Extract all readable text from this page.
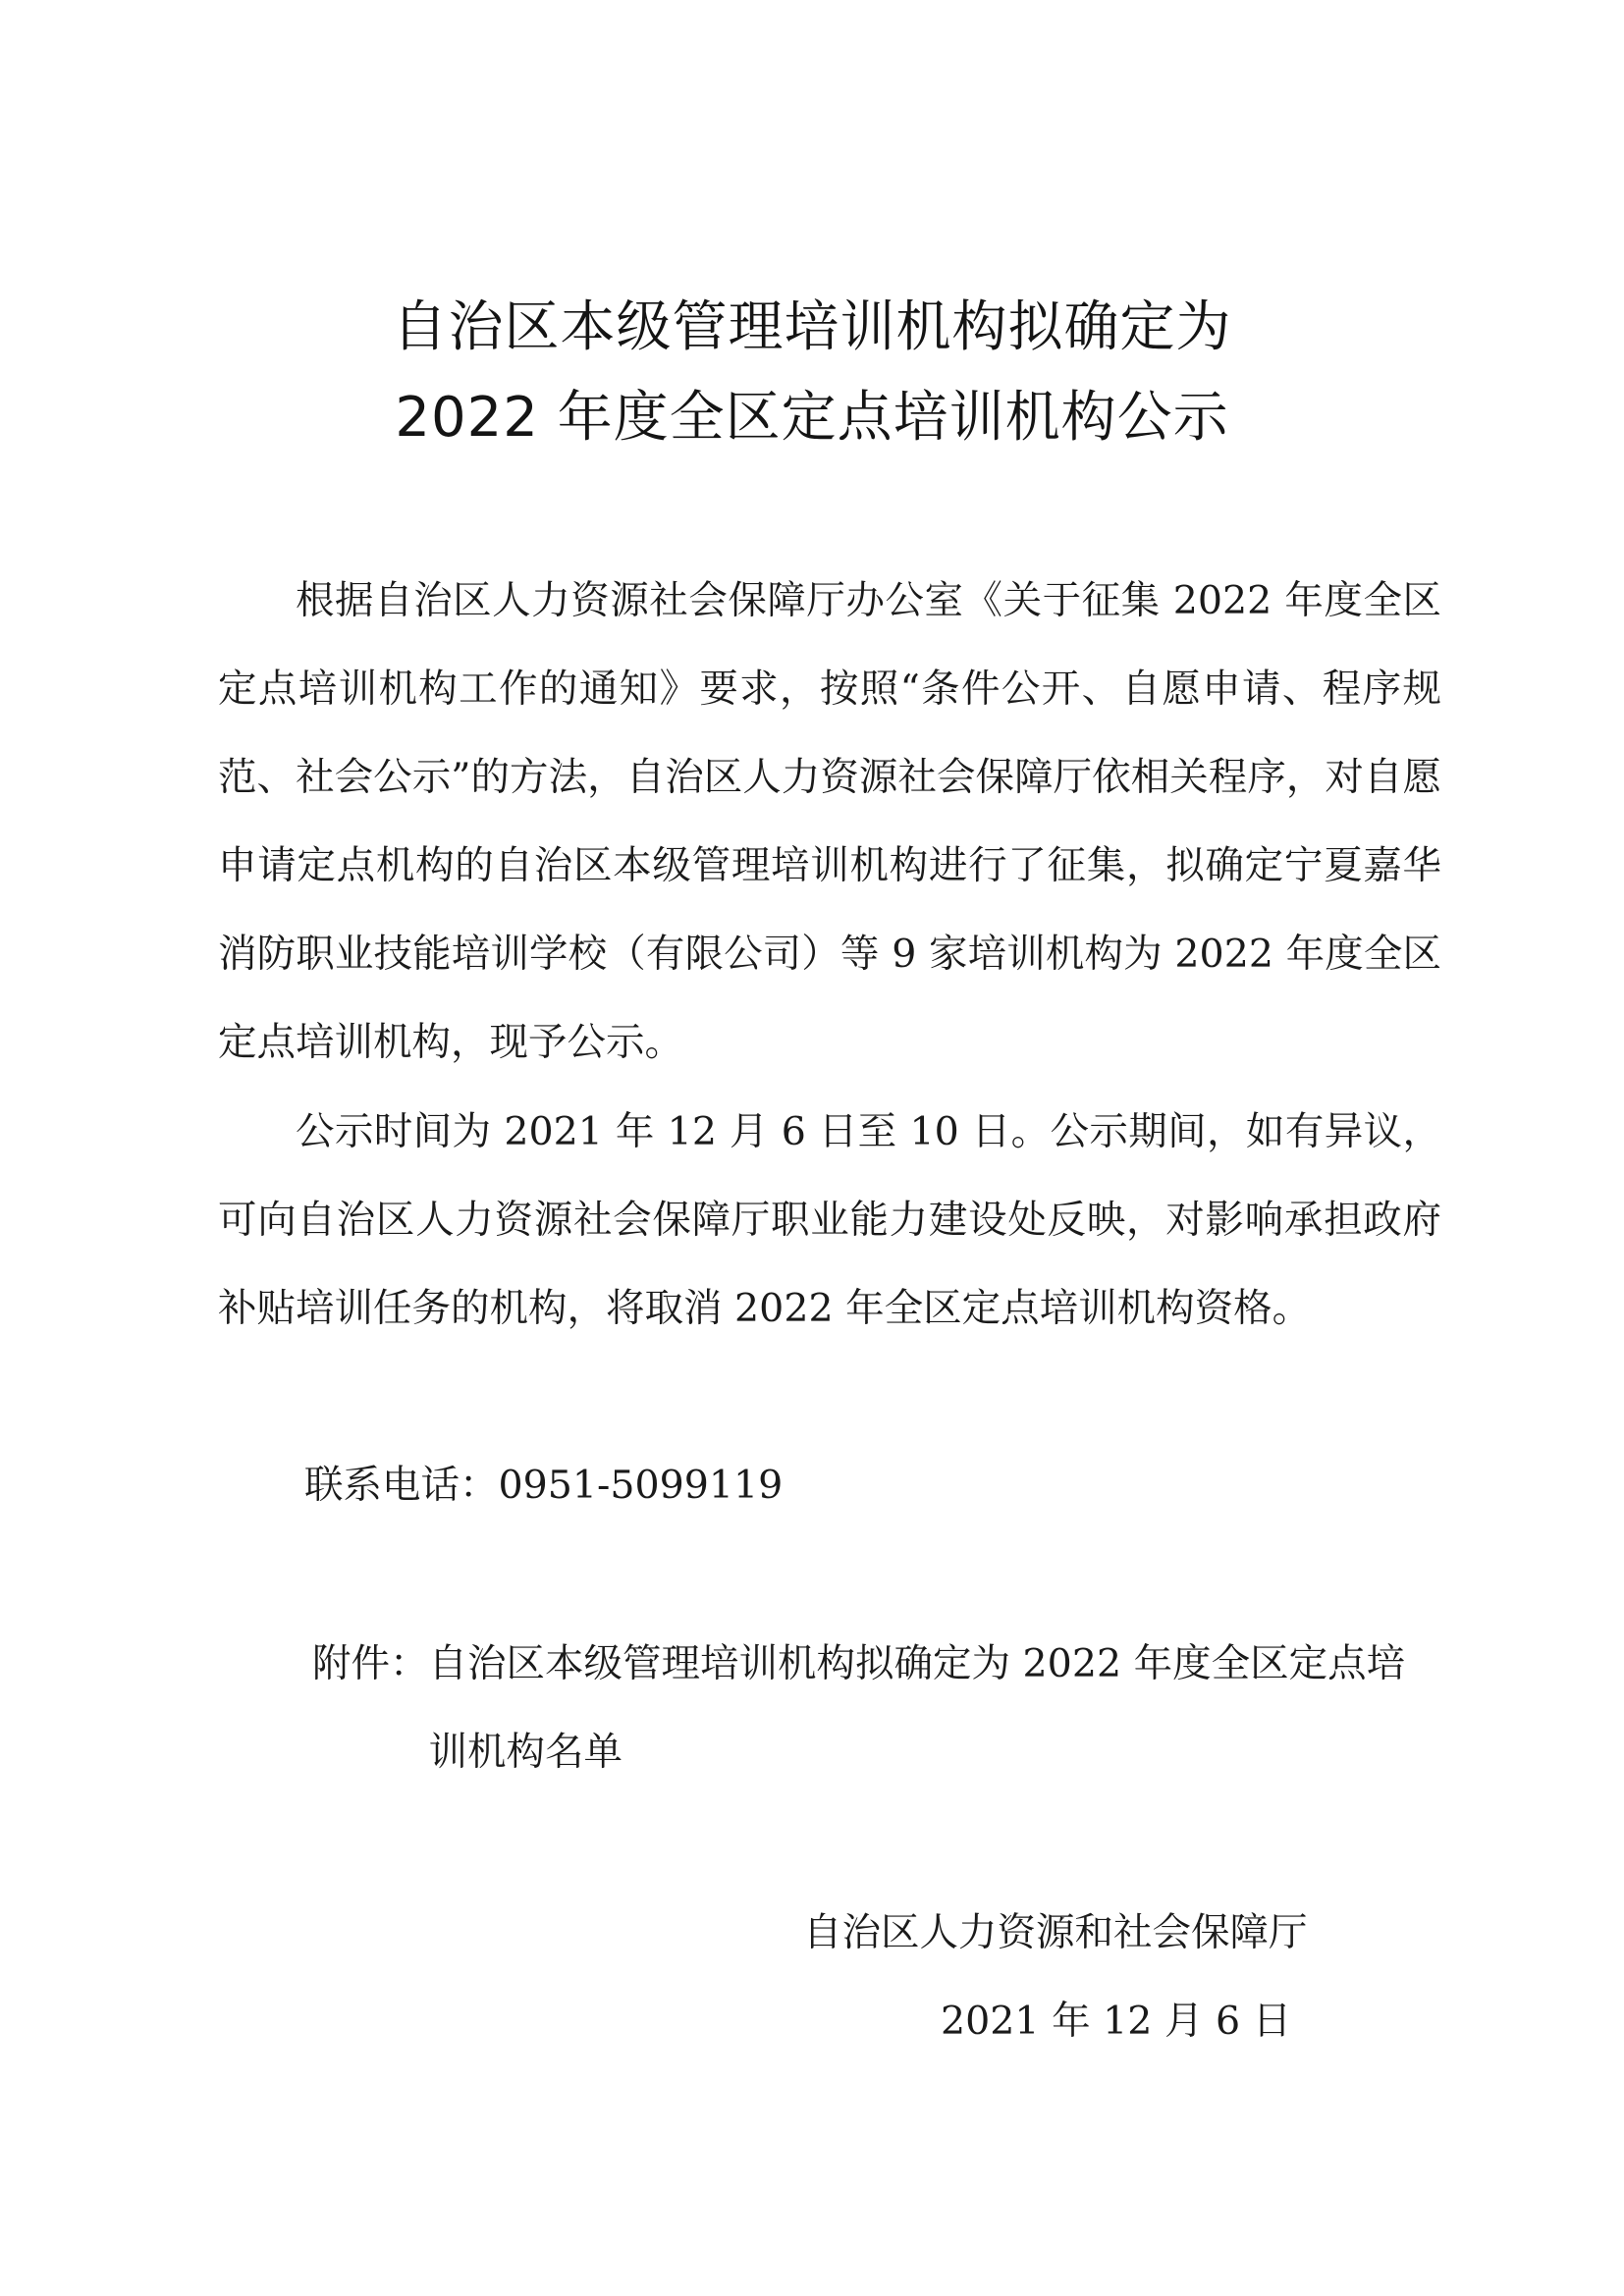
自治区本级管理培训机构拟确定为
2022 年度全区定点培训机构公示

根据自治区人力资源社会保障厅办公室《关于征集 2022 年度全区定点培训机构工作的通知》要求，按照“条件公开、自愿申请、程序规范、社会公示”的方法，自治区人力资源社会保障厅依相关程序，对自愿申请定点机构的自治区本级管理培训机构进行了征集，拟确定宁夏嘉华消防职业技能培训学校（有限公司）等 9 家培训机构为 2022 年度全区定点培训机构，现予公示。

公示时间为 2021 年 12 月 6 日至 10 日。公示期间，如有异议，可向自治区人力资源社会保障厅职业能力建设处反映，对影响承担政府补贴培训任务的机构，将取消 2022 年全区定点培训机构资格。

联系电话：0951-5099119

附件： 自治区本级管理培训机构拟确定为 2022 年度全区定点培训机构名单

自治区人力资源和社会保障厅

2021 年 12 月 6 日
